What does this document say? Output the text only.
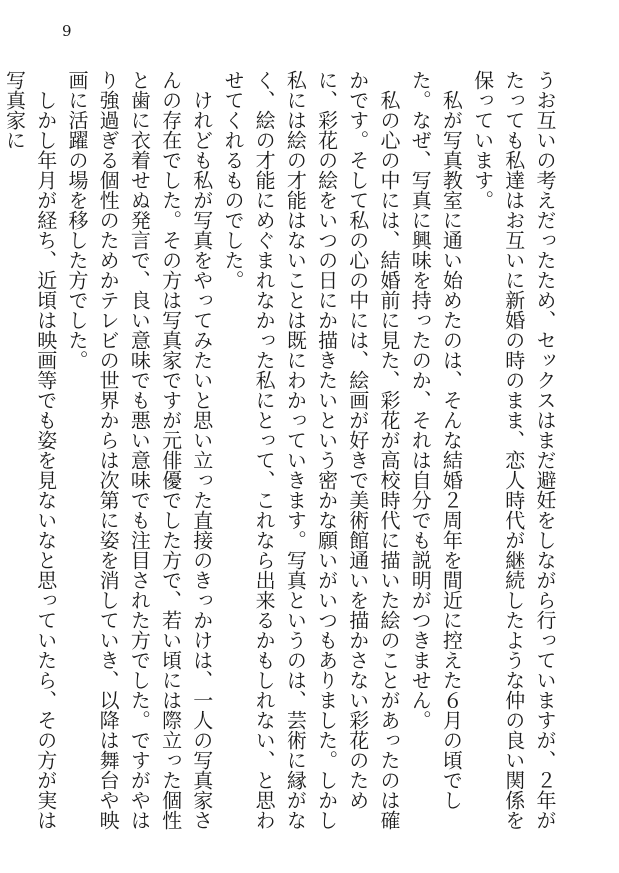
9

うお互いの考えだったため、セックスはまだ避妊をしながら行っていますが、２年がたっても私達はお互いに新婚の時のまま、恋人時代が継続したような仲の良い関係を保っています。

私が写真教室に通い始めたのは、そんな結婚２周年を間近に控えた６月の頃でした。なぜ、写真に興味を持ったのか、それは自分でも説明がつきません。

私の心の中には、結婚前に見た、彩花が高校時代に描いた絵のことがあったのは確かです。そして私の心の中には、絵画が好きで美術館通いを描かさない彩花のために、彩花の絵をいつの日にか描きたいという密かな願いがいつもありました。しかし私には絵の才能はないことは既にわかっていきます。写真というのは、芸術に縁がなく、絵の才能にめぐまれなかった私にとって、これなら出来るかもしれない、と思わせてくれるものでした。

けれども私が写真をやってみたいと思い立った直接のきっかけは、一人の写真家さんの存在でした。その方は写真家ですが元俳優でした方で、若い頃には際立った個性と歯に衣着せぬ発言で、良い意味でも悪い意味でも注目された方でした。ですがやはり強過ぎる個性のためかテレビの世界からは次第に姿を消していき、以降は舞台や映画に活躍の場を移した方でした。

しかし年月が経ち、近頃は映画等でも姿を見ないなと思っていたら、その方が実は写真家に
